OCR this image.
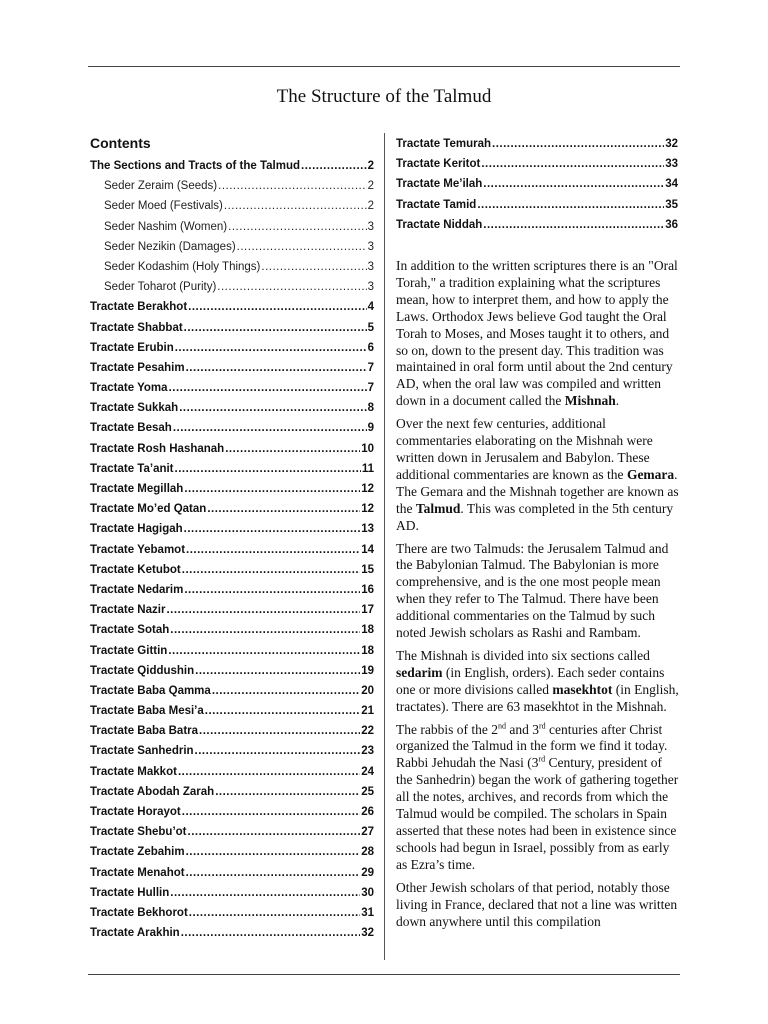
The Structure of the Talmud
Contents
The Sections and Tracts of the Talmud .....	2
Seder Zeraim (Seeds) .....	2
Seder Moed (Festivals) .....	2
Seder Nashim (Women) .....	3
Seder Nezikin (Damages) .....	3
Seder Kodashim (Holy Things) .....	3
Seder Toharot (Purity) .....	3
Tractate Berakhot .....	4
Tractate Shabbat .....	5
Tractate Erubin .....	6
Tractate Pesahim .....	7
Tractate Yoma .....	7
Tractate Sukkah .....	8
Tractate Besah .....	9
Tractate Rosh Hashanah .....	10
Tractate Ta’anit .....	11
Tractate Megillah .....	12
Tractate Mo’ed Qatan .....	12
Tractate Hagigah .....	13
Tractate Yebamot .....	14
Tractate Ketubot .....	15
Tractate Nedarim .....	16
Tractate Nazir .....	17
Tractate Sotah .....	18
Tractate Gittin .....	18
Tractate Qiddushin .....	19
Tractate Baba Qamma .....	20
Tractate Baba Mesi’a .....	21
Tractate Baba Batra .....	22
Tractate Sanhedrin .....	23
Tractate Makkot .....	24
Tractate Abodah Zarah .....	25
Tractate Horayot .....	26
Tractate Shebu’ot .....	27
Tractate Zebahim .....	28
Tractate Menahot .....	29
Tractate Hullin .....	30
Tractate Bekhorot .....	31
Tractate Arakhin .....	32
Tractate Temurah .....	32
Tractate Keritot .....	33
Tractate Me’ilah .....	34
Tractate Tamid .....	35
Tractate Niddah .....	36

In addition to the written scriptures there is an "Oral Torah," a tradition explaining what the scriptures mean, how to interpret them, and how to apply the Laws. Orthodox Jews believe God taught the Oral Torah to Moses, and Moses taught it to others, and so on, down to the present day. This tradition was maintained in oral form until about the 2nd century AD, when the oral law was compiled and written down in a document called the Mishnah.

Over the next few centuries, additional commentaries elaborating on the Mishnah were written down in Jerusalem and Babylon. These additional commentaries are known as the Gemara. The Gemara and the Mishnah together are known as the Talmud. This was completed in the 5th century AD.

There are two Talmuds: the Jerusalem Talmud and the Babylonian Talmud. The Babylonian is more comprehensive, and is the one most people mean when they refer to The Talmud. There have been additional commentaries on the Talmud by such noted Jewish scholars as Rashi and Rambam.

The Mishnah is divided into six sections called sedarim (in English, orders). Each seder contains one or more divisions called masekhtot (in English, tractates). There are 63 masekhtot in the Mishnah.

The rabbis of the 2nd and 3rd centuries after Christ organized the Talmud in the form we find it today. Rabbi Jehudah the Nasi (3rd Century, president of the Sanhedrin) began the work of gathering together all the notes, archives, and records from which the Talmud would be compiled. The scholars in Spain asserted that these notes had been in existence since schools had begun in Israel, possibly from as early as Ezra’s time.

Other Jewish scholars of that period, notably those living in France, declared that not a line was written down anywhere until this compilation
